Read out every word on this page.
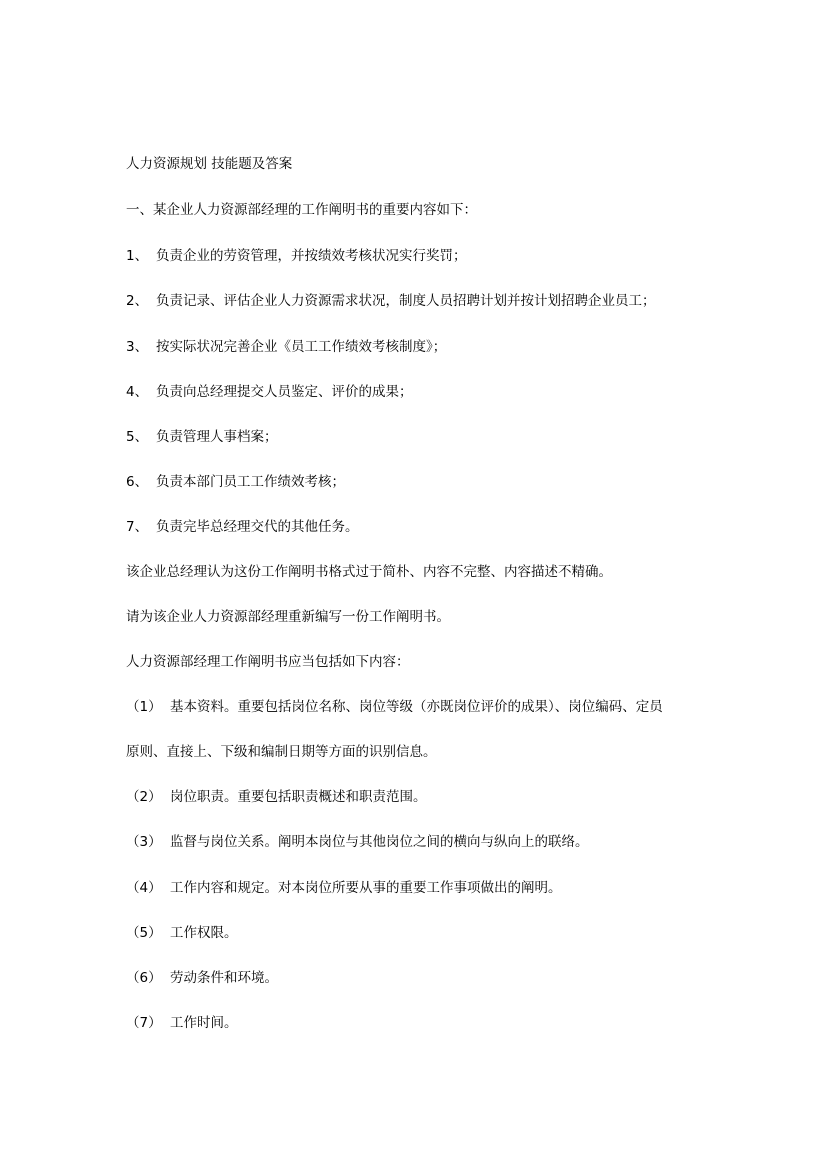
人力资源规划 技能题及答案
一、某企业人力资源部经理的工作阐明书的重要内容如下：
1、 负责企业的劳资管理，并按绩效考核状况实行奖罚；
2、 负责记录、评估企业人力资源需求状况，制度人员招聘计划并按计划招聘企业员工；
3、 按实际状况完善企业《员工工作绩效考核制度》；
4、 负责向总经理提交人员鉴定、评价的成果；
5、 负责管理人事档案；
6、 负责本部门员工工作绩效考核；
7、 负责完毕总经理交代的其他任务。
该企业总经理认为这份工作阐明书格式过于简朴、内容不完整、内容描述不精确。
请为该企业人力资源部经理重新编写一份工作阐明书。
人力资源部经理工作阐明书应当包括如下内容：
（1） 基本资料。重要包括岗位名称、岗位等级（亦既岗位评价的成果）、岗位编码、定员
原则、直接上、下级和编制日期等方面的识别信息。
（2） 岗位职责。重要包括职责概述和职责范围。
（3） 监督与岗位关系。阐明本岗位与其他岗位之间的横向与纵向上的联络。
（4） 工作内容和规定。对本岗位所要从事的重要工作事项做出的阐明。
（5） 工作权限。
（6） 劳动条件和环境。
（7） 工作时间。
